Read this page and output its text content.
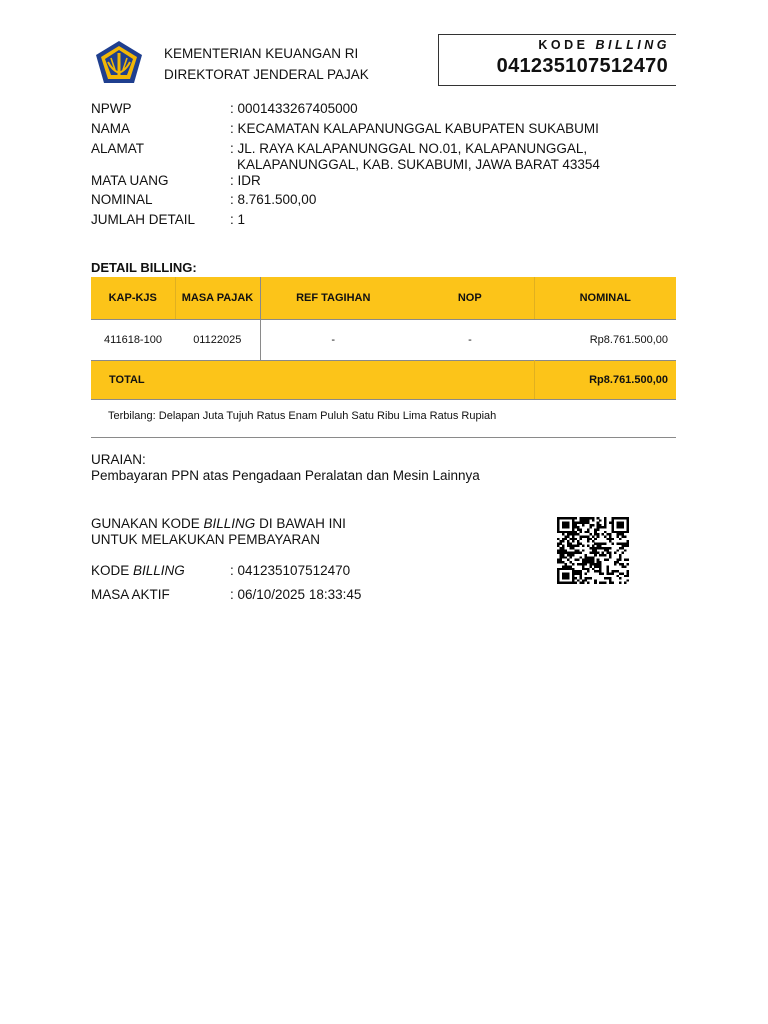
KEMENTERIAN KEUANGAN RI
DIREKTORAT JENDERAL PAJAK
KODE BILLING
041235107512470
NPWP	: 0001433267405000
NAMA	: KECAMATAN KALAPANUNGGAL KABUPATEN SUKABUMI
ALAMAT	: JL. RAYA KALAPANUNGGAL NO.01, KALAPANUNGGAL,
KALAPANUNGGAL, KAB. SUKABUMI, JAWA BARAT 43354
MATA UANG	: IDR
NOMINAL	: 8.761.500,00
JUMLAH DETAIL	: 1
DETAIL BILLING:
KAP-KJS	MASA PAJAK	REF TAGIHAN	NOP	NOMINAL
411618-100	01122025	-	-	Rp8.761.500,00
TOTAL				Rp8.761.500,00
Terbilang: Delapan Juta Tujuh Ratus Enam Puluh Satu Ribu Lima Ratus Rupiah
URAIAN:
Pembayaran PPN atas Pengadaan Peralatan dan Mesin Lainnya
GUNAKAN KODE BILLING DI BAWAH INI
UNTUK MELAKUKAN PEMBAYARAN
KODE BILLING	: 041235107512470
MASA AKTIF	: 06/10/2025 18:33:45
